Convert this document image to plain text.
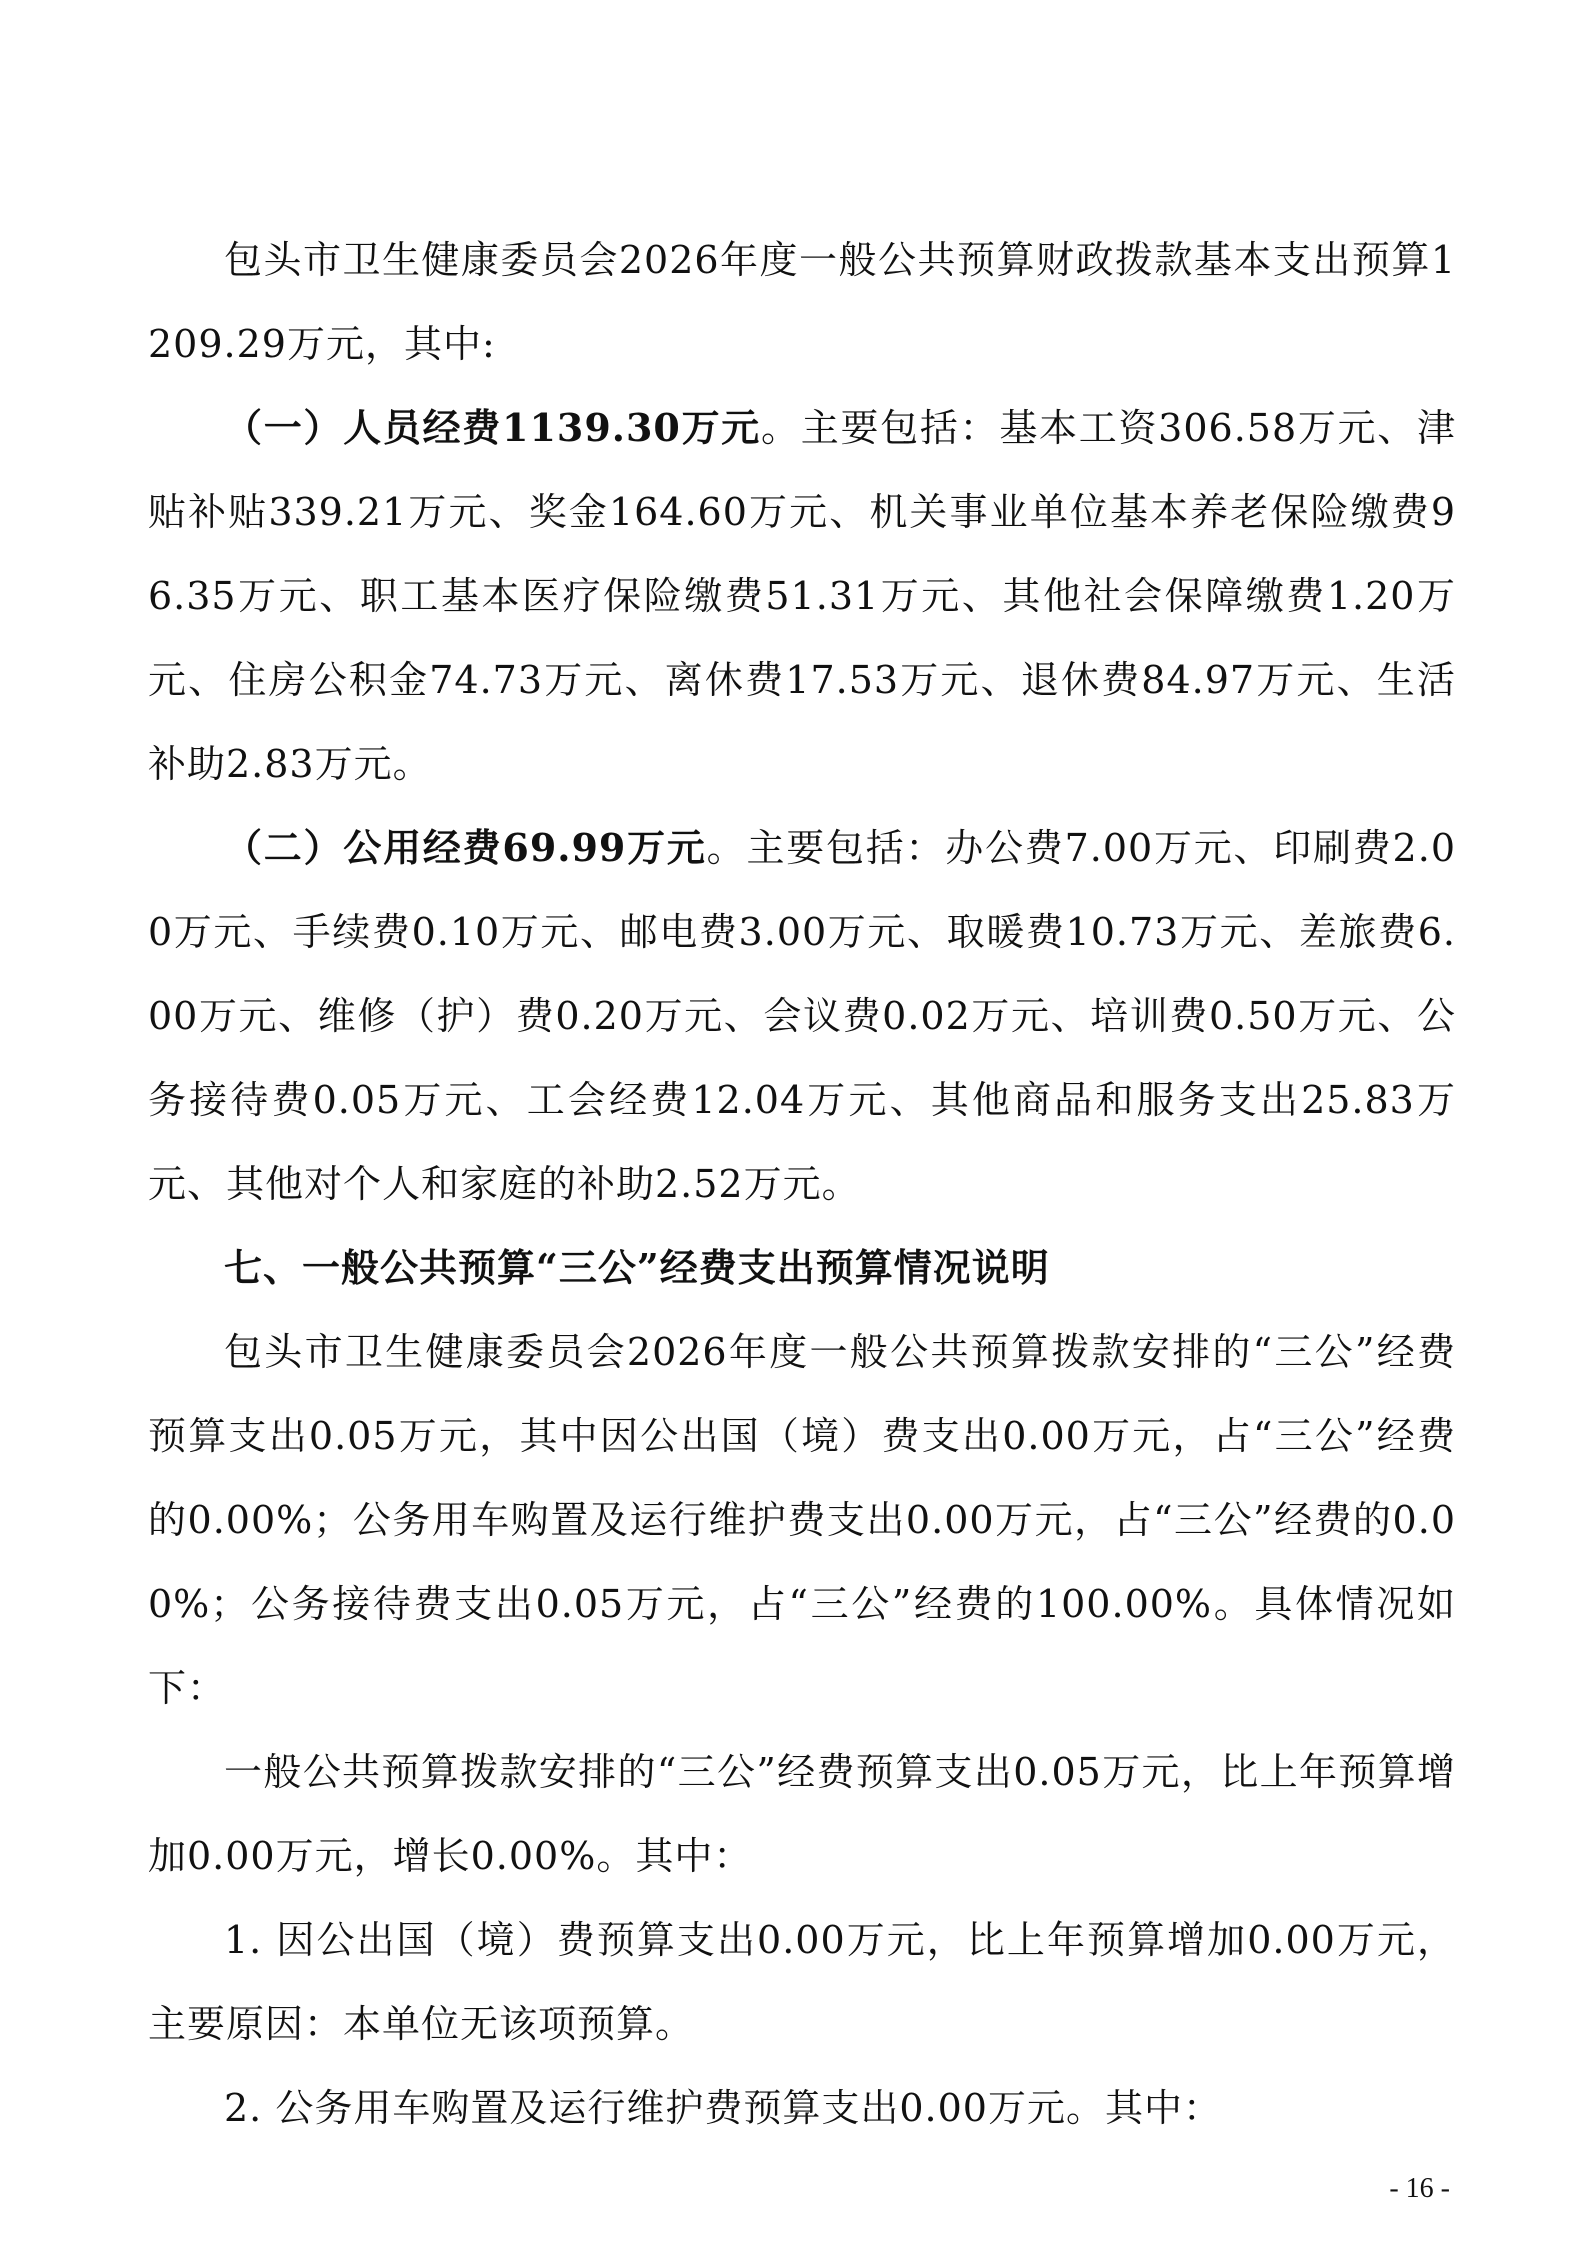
包头市卫生健康委员会2026年度一般公共预算财政拨款基本支出预算1209.29万元，其中:

（一）人员经费1139.30万元。主要包括：基本工资306.58万元、津贴补贴339.21万元、奖金164.60万元、机关事业单位基本养老保险缴费96.35万元、职工基本医疗保险缴费51.31万元、其他社会保障缴费1.20万元、住房公积金74.73万元、离休费17.53万元、退休费84.97万元、生活补助2.83万元。

（二）公用经费69.99万元。主要包括：办公费7.00万元、印刷费2.00万元、手续费0.10万元、邮电费3.00万元、取暖费10.73万元、差旅费6.00万元、维修（护）费0.20万元、会议费0.02万元、培训费0.50万元、公务接待费0.05万元、工会经费12.04万元、其他商品和服务支出25.83万元、其他对个人和家庭的补助2.52万元。

七、一般公共预算“三公”经费支出预算情况说明

包头市卫生健康委员会2026年度一般公共预算拨款安排的“三公”经费预算支出0.05万元，其中因公出国（境）费支出0.00万元，占“三公”经费的0.00%；公务用车购置及运行维护费支出0.00万元，占“三公”经费的0.00%；公务接待费支出0.05万元，占“三公”经费的100.00%。具体情况如下：

一般公共预算拨款安排的“三公”经费预算支出0.05万元，比上年预算增加0.00万元，增长0.00%。其中：

1. 因公出国（境）费预算支出0.00万元，比上年预算增加0.00万元，主要原因：本单位无该项预算。

2. 公务用车购置及运行维护费预算支出0.00万元。其中：

- 16 -
